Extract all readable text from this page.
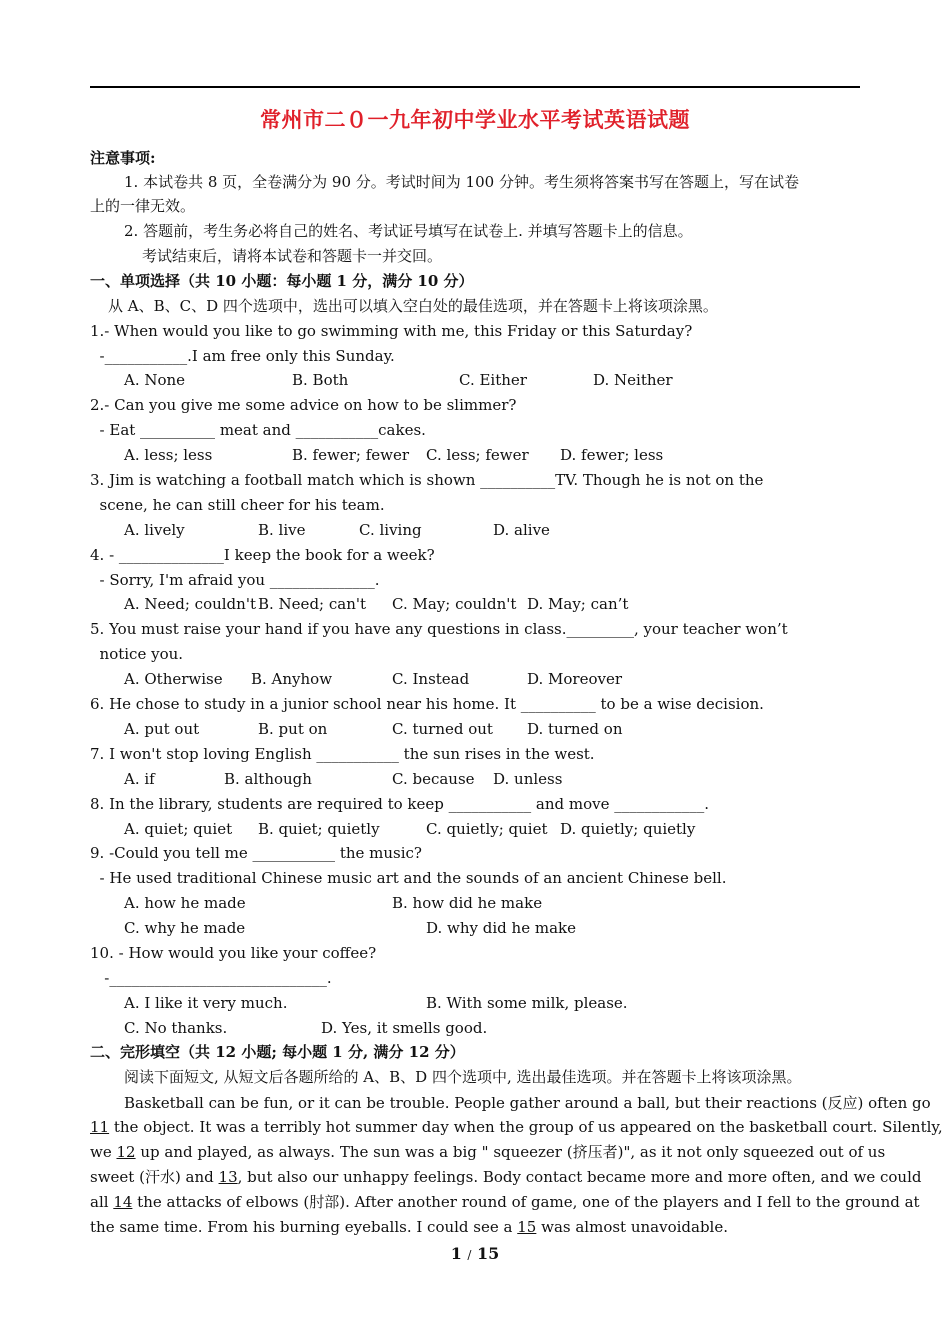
常州市二０一九年初中学业水平考试英语试题
注意事项:
1. 本试卷共 8 页，全卷满分为 90 分。考试时间为 100 分钟。考生须将答案书写在答题上，写在试卷
上的一律无效。
2. 答题前，考生务必将自己的姓名、考试证号填写在试卷上. 并填写答题卡上的信息。
考试结束后，请将本试卷和答题卡一并交回。
一、单项选择（共 10 小题：每小题 1 分，满分 10 分）
从 A、B、C、D 四个选项中，选出可以填入空白处的最佳选项，并在答题卡上将该项涂黑。
1.- When would you like to go swimming with me, this Friday or this Saturday?
-___________.I am free only this Sunday.
A. None	B. Both	C. Either	D. Neither
2.- Can you give me some advice on how to be slimmer?
- Eat __________ meat and ___________cakes.
A. less; less	B. fewer; fewer C. less; fewer D. fewer; less
3. Jim is watching a football match which is shown __________TV. Though he is not on the
scene, he can still cheer for his team.
A. lively	B. live	C. living	D. alive
4. - ______________I keep the book for a week?
- Sorry, I'm afraid you ______________.
A. Need; couldn't B. Need; can't C. May; couldn't D. May; can’t
5. You must raise your hand if you have any questions in class._________, your teacher won’t
notice you.
A. Otherwise B. Anyhow	C. Instead	D. Moreover
6. He chose to study in a junior school near his home. It __________ to be a wise decision.
A. put out	B. put on	C. turned out D. turned on
7. I won't stop loving English ___________ the sun rises in the west.
A. if	B. although	C. because D. unless
8. In the library, students are required to keep ___________ and move ____________.
A. quiet; quiet B. quiet; quietly	C. quietly; quiet D. quietly; quietly
9. -Could you tell me ___________ the music?
- He used traditional Chinese music art and the sounds of an ancient Chinese bell.
A. how he made	B. how did he make
C. why he made	D. why did he make
10. - How would you like your coffee?
-_____________________________.
A. I like it very much.	B. With some milk, please.
C. No thanks.	D. Yes, it smells good.
二、完形填空（共 12 小题; 每小题 1 分, 满分 12 分）
阅读下面短文, 从短文后各题所给的 A、B、D 四个选项中, 选出最佳选项。并在答题卡上将该项涂黑。
Basketball can be fun, or it can be trouble. People gather around a ball, but their reactions (反应) often go
11 the object. It was a terribly hot summer day when the group of us appeared on the basketball court. Silently,
we 12 up and played, as always. The sun was a big " squeezer (挤压者)", as it not only squeezed out of us
sweet (汗水) and 13, but also our unhappy feelings. Body contact became more and more often, and we could
all 14 the attacks of elbows (肘部). After another round of game, one of the players and I fell to the ground at
the same time. From his burning eyeballs. I could see a 15 was almost unavoidable.
1 / 15
